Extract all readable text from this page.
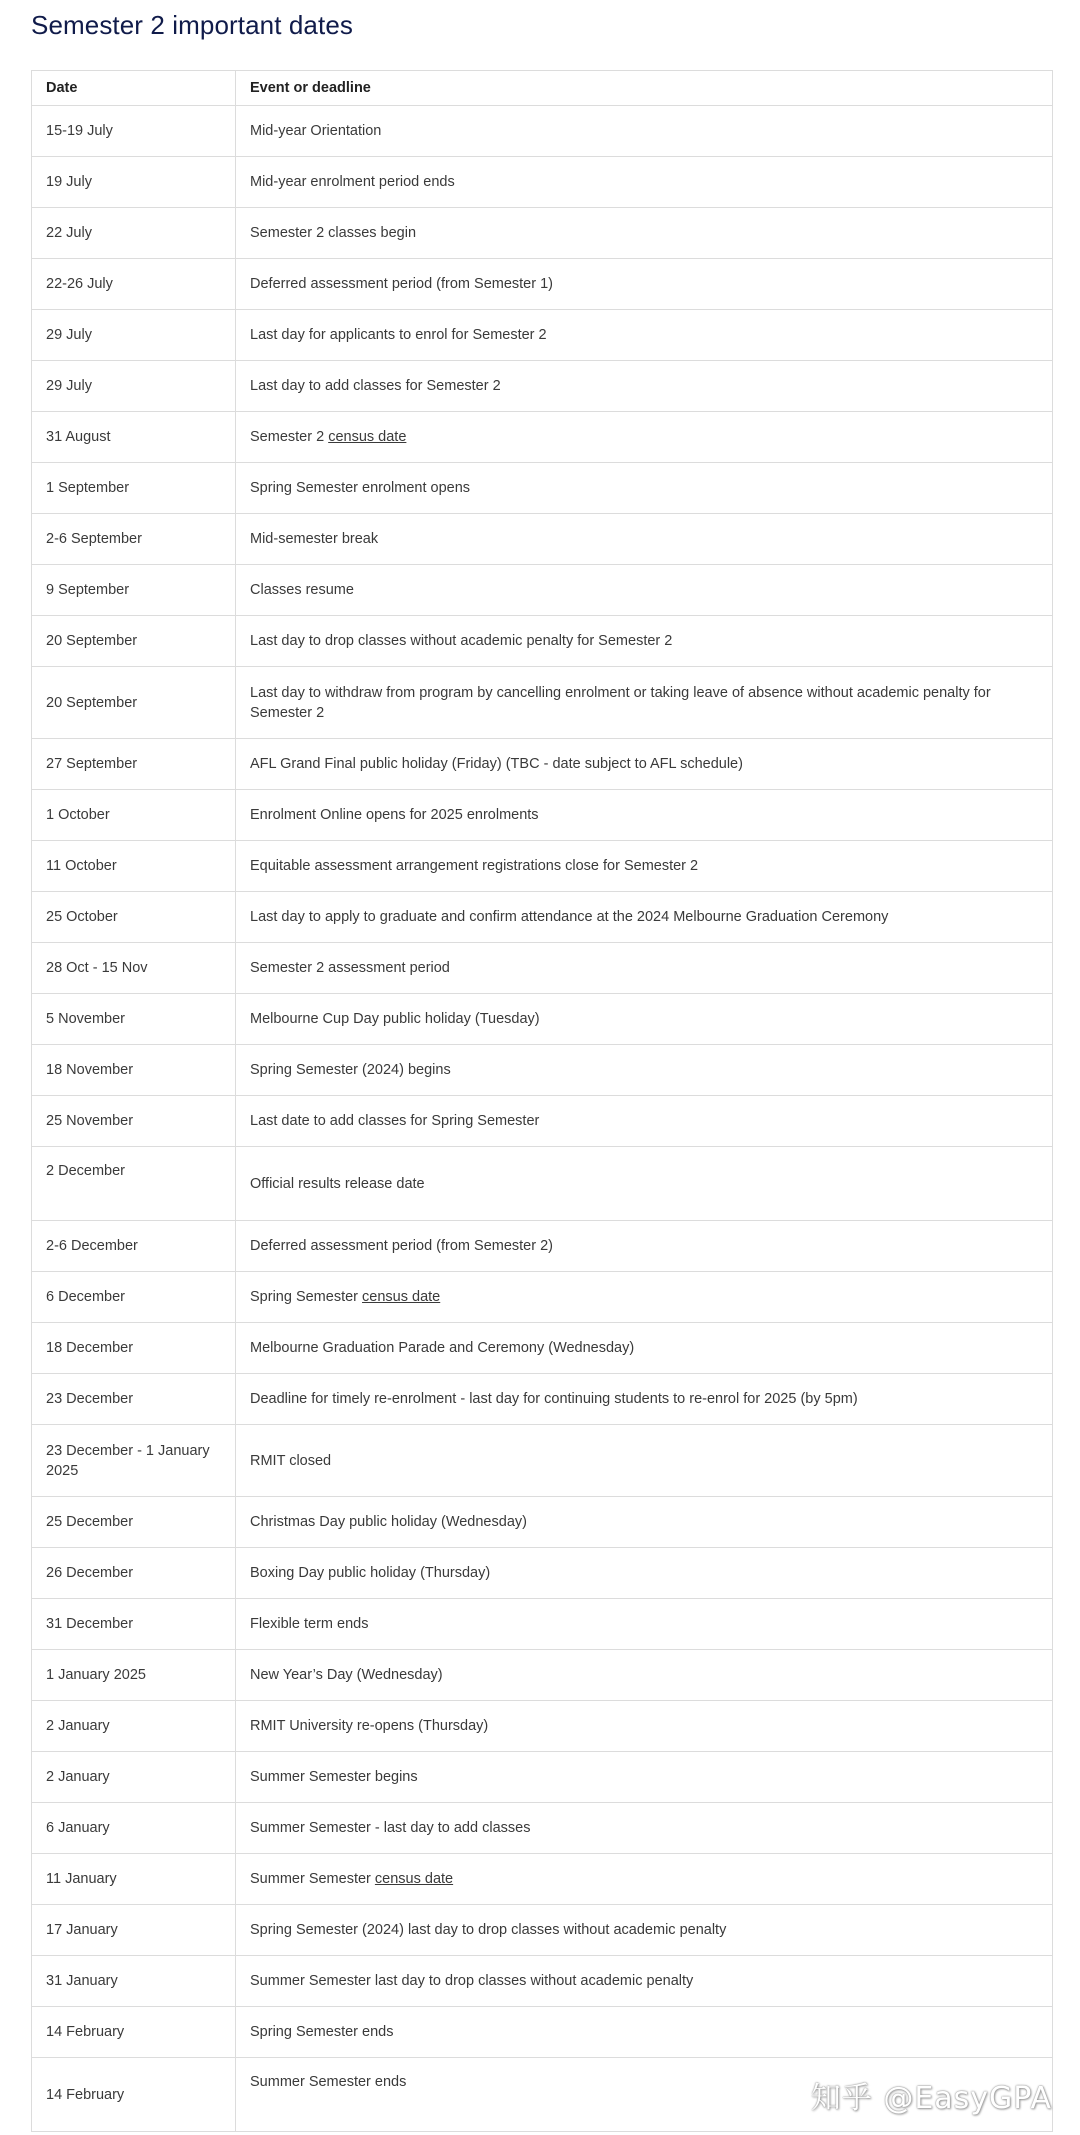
Semester 2 important dates
Date	Event or deadline
15-19 July	Mid-year Orientation
19 July	Mid-year enrolment period ends
22 July	Semester 2 classes begin
22-26 July	Deferred assessment period (from Semester 1)
29 July	Last day for applicants to enrol for Semester 2
29 July	Last day to add classes for Semester 2
31 August	Semester 2 census date
1 September	Spring Semester enrolment opens
2-6 September	Mid-semester break
9 September	Classes resume
20 September	Last day to drop classes without academic penalty for Semester 2
20 September	Last day to withdraw from program by cancelling enrolment or taking leave of absence without academic penalty for Semester 2
27 September	AFL Grand Final public holiday (Friday) (TBC - date subject to AFL schedule)
1 October	Enrolment Online opens for 2025 enrolments
11 October	Equitable assessment arrangement registrations close for Semester 2
25 October	Last day to apply to graduate and confirm attendance at the 2024 Melbourne Graduation Ceremony
28 Oct - 15 Nov	Semester 2 assessment period
5 November	Melbourne Cup Day public holiday (Tuesday)
18 November	Spring Semester (2024) begins
25 November	Last date to add classes for Spring Semester
2 December	Official results release date
2-6 December	Deferred assessment period (from Semester 2)
6 December	Spring Semester census date
18 December	Melbourne Graduation Parade and Ceremony (Wednesday)
23 December	Deadline for timely re-enrolment - last day for continuing students to re-enrol for 2025 (by 5pm)
23 December - 1 January 2025	RMIT closed
25 December	Christmas Day public holiday (Wednesday)
26 December	Boxing Day public holiday (Thursday)
31 December	Flexible term ends
1 January 2025	New Year’s Day (Wednesday)
2 January	RMIT University re-opens (Thursday)
2 January	Summer Semester begins
6 January	Summer Semester - last day to add classes
11 January	Summer Semester census date
17 January	Spring Semester (2024) last day to drop classes without academic penalty
31 January	Summer Semester last day to drop classes without academic penalty
14 February	Spring Semester ends
14 February	Summer Semester ends	知乎 @EasyGPA
